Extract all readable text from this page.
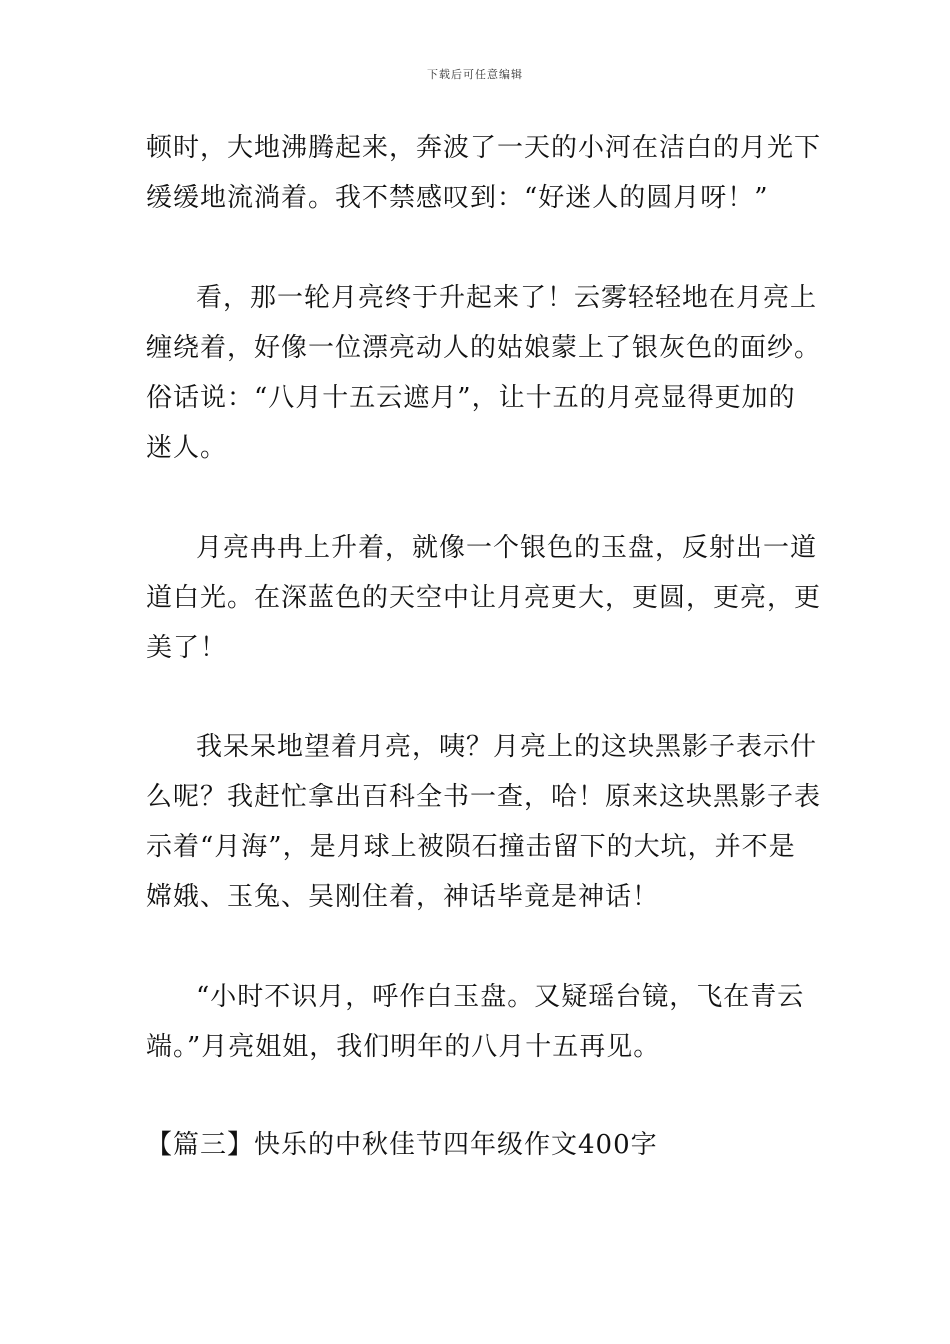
下载后可任意编辑
顿时，大地沸腾起来，奔波了一天的小河在洁白的月光下
缓缓地流淌着。我不禁感叹到：“好迷人的圆月呀！”
看，那一轮月亮终于升起来了！云雾轻轻地在月亮上
缠绕着，好像一位漂亮动人的姑娘蒙上了银灰色的面纱。
俗话说：“八月十五云遮月”，让十五的月亮显得更加的
迷人。
月亮冉冉上升着，就像一个银色的玉盘，反射出一道
道白光。在深蓝色的天空中让月亮更大，更圆，更亮，更
美了！
我呆呆地望着月亮，咦？月亮上的这块黑影子表示什
么呢？我赶忙拿出百科全书一查，哈！原来这块黑影子表
示着“月海”，是月球上被陨石撞击留下的大坑，并不是
嫦娥、玉兔、吴刚住着，神话毕竟是神话！
“小时不识月，呼作白玉盘。又疑瑶台镜，飞在青云
端。”月亮姐姐，我们明年的八月十五再见。
【篇三】快乐的中秋佳节四年级作文400字
